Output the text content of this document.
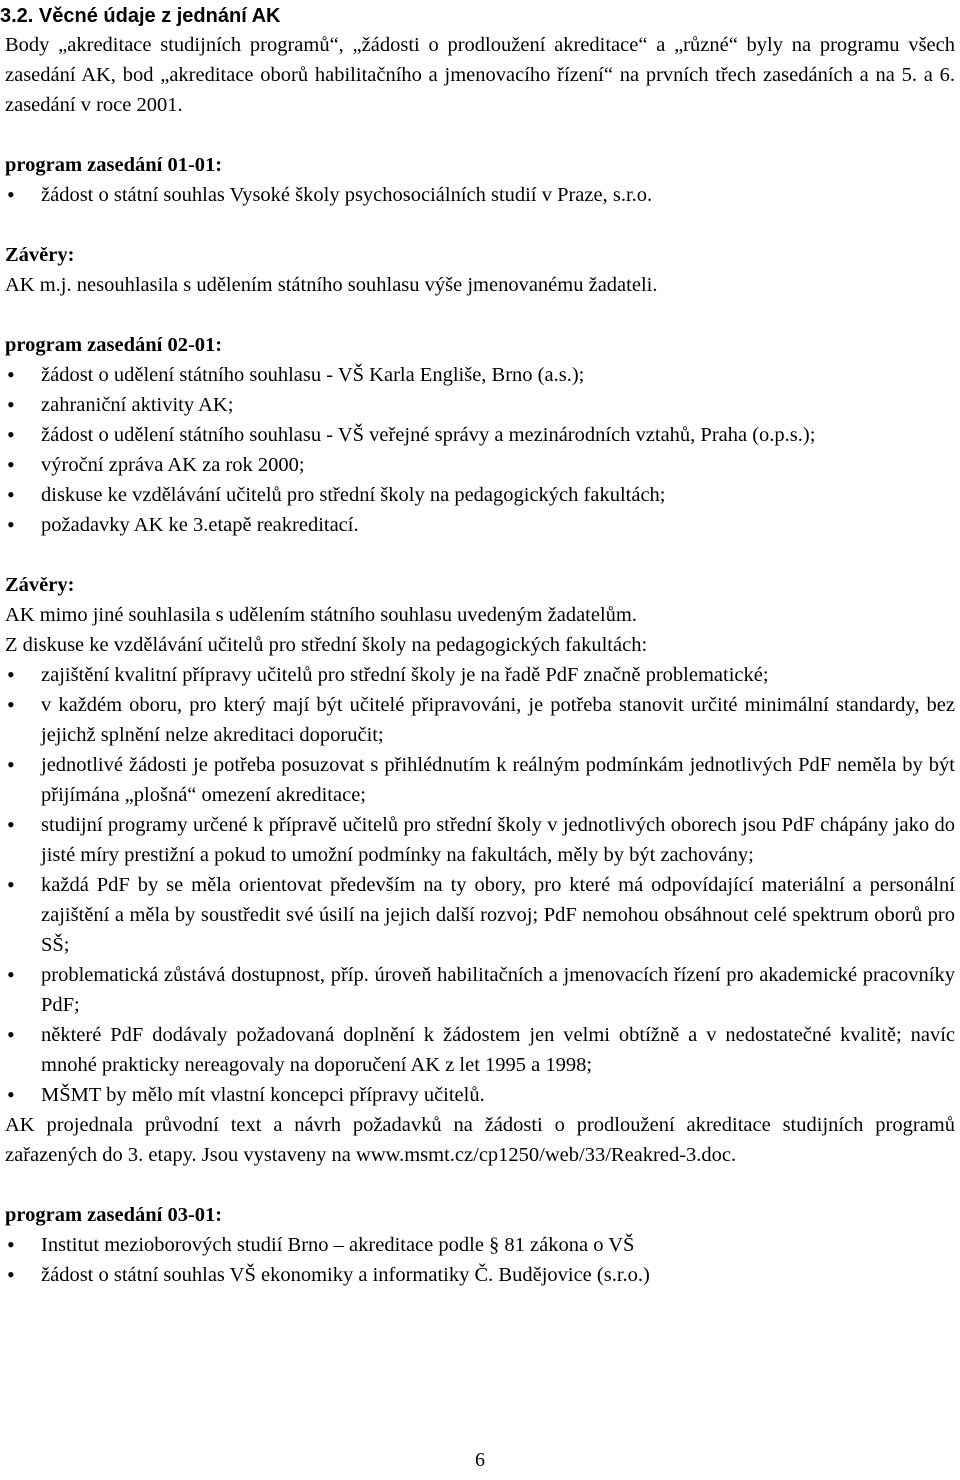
3.2. Věcné údaje z jednání AK
Body „akreditace studijních programů“, „žádosti o prodloužení akreditace“ a „různé“ byly na programu všech zasedání AK, bod „akreditace oborů habilitačního a jmenovacího řízení“ na prvních třech zasedáních a na 5. a 6. zasedání v roce 2001.
program zasedání 01-01:
•
žádost o státní souhlas Vysoké školy psychosociálních studií v Praze, s.r.o.
Závěry:
AK m.j. nesouhlasila s udělením státního souhlasu výše jmenovanému žadateli.
program zasedání 02-01:
•
žádost o udělení státního souhlasu - VŠ Karla Engliše, Brno (a.s.);
•
zahraniční aktivity AK;
•
žádost o udělení státního souhlasu - VŠ veřejné správy a mezinárodních vztahů, Praha (o.p.s.);
•
výroční zpráva AK za rok 2000;
•
diskuse ke vzdělávání učitelů pro střední školy na pedagogických fakultách;
•
požadavky AK ke 3.etapě reakreditací.
Závěry:
AK mimo jiné souhlasila s udělením státního souhlasu uvedeným žadatelům.
Z diskuse ke vzdělávání učitelů pro střední školy na pedagogických fakultách:
•
zajištění kvalitní přípravy učitelů pro střední školy je na řadě PdF značně problematické;
•
v každém oboru, pro který mají být učitelé připravováni, je potřeba stanovit určité minimální standardy, bez jejichž splnění nelze akreditaci doporučit;
•
jednotlivé žádosti je potřeba posuzovat s přihlédnutím k reálným podmínkám jednotlivých PdF neměla by být přijímána „plošná“ omezení akreditace;
•
studijní programy určené k přípravě učitelů pro střední školy v jednotlivých oborech jsou PdF chápány jako do jisté míry prestižní a pokud to umožní podmínky na fakultách, měly by být zachovány;
•
každá PdF by se měla orientovat především na ty obory, pro které má odpovídající materiální a personální zajištění a měla by soustředit své úsilí na jejich další rozvoj; PdF nemohou obsáhnout celé spektrum oborů pro SŠ;
•
problematická zůstává dostupnost, příp. úroveň habilitačních a jmenovacích řízení pro akademické pracovníky PdF;
•
některé PdF dodávaly požadovaná doplnění k žádostem jen velmi obtížně a v nedostatečné kvalitě; navíc mnohé prakticky nereagovaly na doporučení AK z let 1995 a 1998;
•
MŠMT by mělo mít vlastní koncepci přípravy učitelů.
AK projednala průvodní text a návrh požadavků na žádosti o prodloužení akreditace studijních programů zařazených do 3. etapy. Jsou vystaveny na www.msmt.cz/cp1250/web/33/Reakred-3.doc.
program zasedání 03-01:
•
Institut mezioborových studií Brno – akreditace podle § 81 zákona o VŠ
•
žádost o státní souhlas VŠ ekonomiky a informatiky Č. Budějovice (s.r.o.)
6
